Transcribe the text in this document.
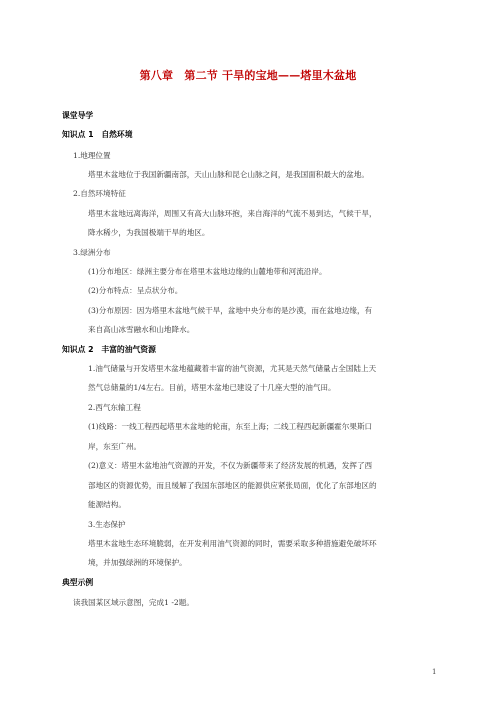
第八章　第二节 干旱的宝地——塔里木盆地
课堂导学
知识点 1　自然环境
1.地理位置
塔里木盆地位于我国新疆南部，天山山脉和昆仑山脉之间，是我国面积最大的盆地。
2.自然环境特征
塔里木盆地远离海洋，周围又有高大山脉环抱，来自海洋的气流不易到达，气候干旱，
降水稀少，为我国极端干旱的地区。
3.绿洲分布
(1)分布地区：绿洲主要分布在塔里木盆地边缘的山麓地带和河流沿岸。
(2)分布特点：呈点状分布。
(3)分布原因：因为塔里木盆地气候干旱，盆地中央分布的是沙漠，而在盆地边缘，有
来自高山冰雪融水和山地降水。
知识点 2　丰富的油气资源
1.油气储量与开发塔里木盆地蕴藏着丰富的油气资源，尤其是天然气储量占全国陆上天
然气总储量的1/4左右。目前，塔里木盆地已建设了十几座大型的油气田。
2.西气东输工程
(1)线路：一线工程西起塔里木盆地的轮南，东至上海；二线工程西起新疆霍尔果斯口
岸，东至广州。
(2)意义：塔里木盆地油气资源的开发，不仅为新疆带来了经济发展的机遇，发挥了西
部地区的资源优势，而且缓解了我国东部地区的能源供应紧张局面，优化了东部地区的
能源结构。
3.生态保护
塔里木盆地生态环境脆弱，在开发利用油气资源的同时，需要采取多种措施避免破坏环
境，并加强绿洲的环境保护。
典型示例
读我国某区域示意图，完成1 -2题。
1
